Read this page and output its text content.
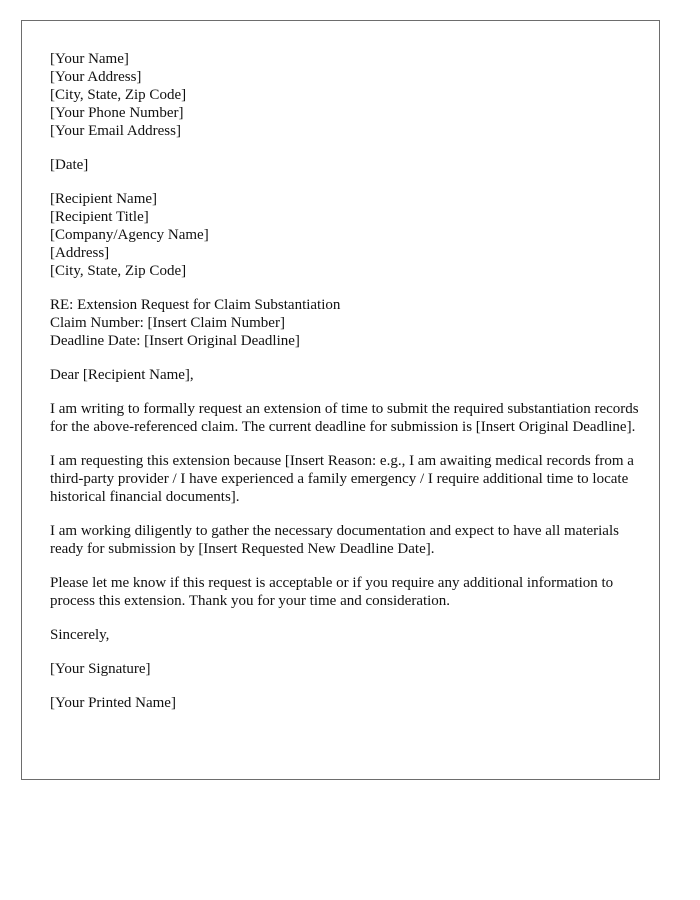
[Your Name]
[Your Address]
[City, State, Zip Code]
[Your Phone Number]
[Your Email Address]
[Date]
[Recipient Name]
[Recipient Title]
[Company/Agency Name]
[Address]
[City, State, Zip Code]
RE: Extension Request for Claim Substantiation
Claim Number: [Insert Claim Number]
Deadline Date: [Insert Original Deadline]

Dear [Recipient Name],

I am writing to formally request an extension of time to submit the required substantiation records for the above-referenced claim. The current deadline for submission is [Insert Original Deadline].

I am requesting this extension because [Insert Reason: e.g., I am awaiting medical records from a third-party provider / I have experienced a family emergency / I require additional time to locate historical financial documents].

I am working diligently to gather the necessary documentation and expect to have all materials ready for submission by [Insert Requested New Deadline Date].

Please let me know if this request is acceptable or if you require any additional information to process this extension. Thank you for your time and consideration.

Sincerely,

[Your Signature]

[Your Printed Name]
